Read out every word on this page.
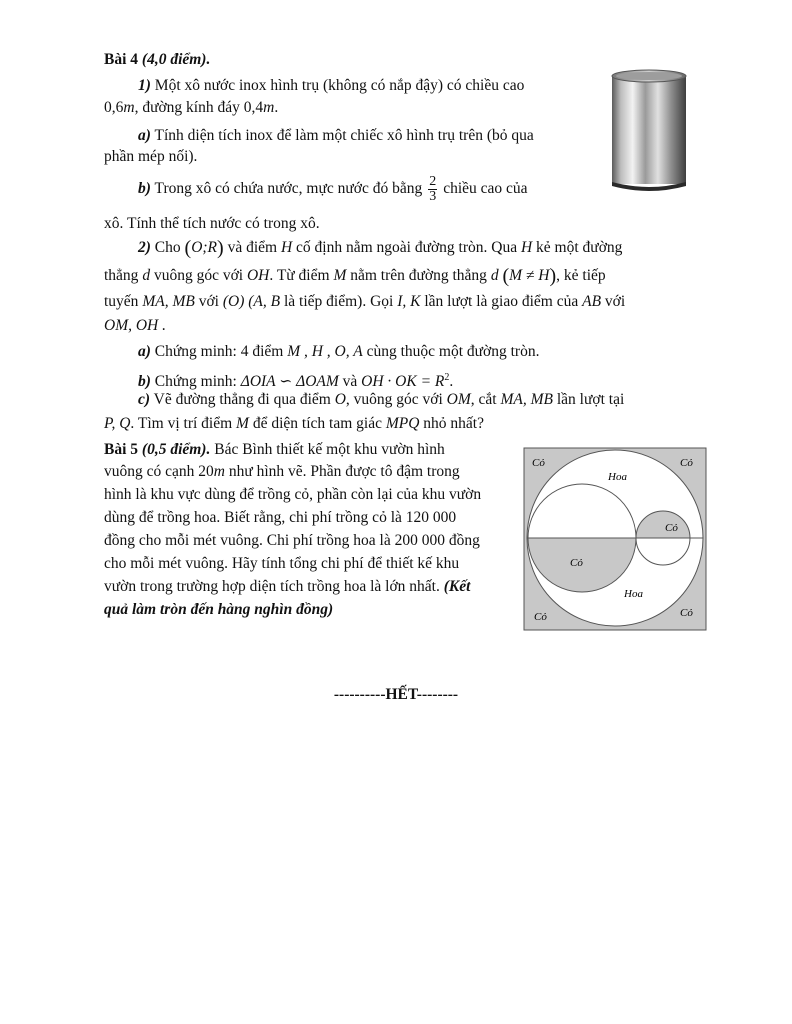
Bài 4 (4,0 điểm).
1) Một xô nước inox hình trụ (không có nắp đậy) có chiều cao
0,6m, đường kính đáy 0,4m.
a) Tính diện tích inox để làm một chiếc xô hình trụ trên (bỏ qua
phần mép nối).
b) Trong xô có chứa nước, mực nước đó bằng $\frac{2}{3}$ chiều cao của
xô. Tính thể tích nước có trong xô.
2) Cho (O;R) và điểm H cố định nằm ngoài đường tròn. Qua H kẻ một đường
thẳng d vuông góc với OH. Từ điểm M nằm trên đường thẳng d (M ≠ H), kẻ tiếp
tuyến MA, MB với (O) (A, B là tiếp điểm). Gọi I, K lần lượt là giao điểm của AB với
OM, OH .
a) Chứng minh: 4 điểm M , H , O, A cùng thuộc một đường tròn.
b) Chứng minh: ΔOIA ∽ ΔOAM và OH · OK = $R^2$.
c) Vẽ đường thẳng đi qua điểm O, vuông góc với OM, cắt MA, MB lần lượt tại
P, Q. Tìm vị trí điểm M để diện tích tam giác MPQ nhỏ nhất?
Bài 5 (0,5 điểm). Bác Bình thiết kế một khu vườn hình
vuông có cạnh 20m như hình vẽ. Phần được tô đậm trong
hình là khu vực dùng để trồng cỏ, phần còn lại của khu vườn
dùng để trồng hoa. Biết rằng, chi phí trồng cỏ là 120 000
đồng cho mỗi mét vuông. Chi phí trồng hoa là 200 000 đồng
cho mỗi mét vuông. Hãy tính tổng chi phí để thiết kế khu
vườn trong trường hợp diện tích trồng hoa là lớn nhất. (Kết
quả làm tròn đến hàng nghìn đồng)
Cỏ	Cỏ
Hoa
Cỏ
Cỏ
Hoa
Cỏ	Cỏ
----------HẾT--------
